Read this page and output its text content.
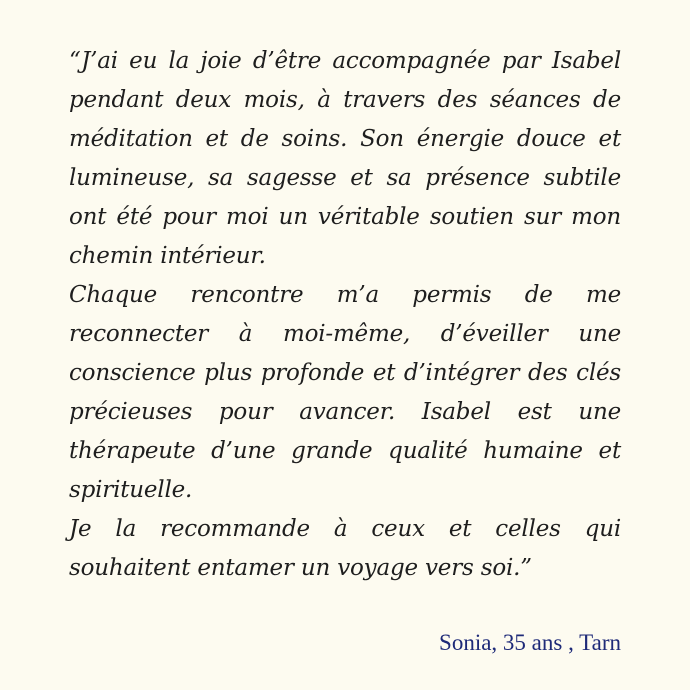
“J’ai eu la joie d’être accompagnée par Isabel pendant deux mois, à travers des séances de méditation et de soins. Son énergie douce et lumineuse, sa sagesse et sa présence subtile ont été pour moi un véritable soutien sur mon chemin intérieur.

Chaque rencontre m’a permis de me reconnecter à moi-même, d’éveiller une conscience plus profonde et d’intégrer des clés précieuses pour avancer. Isabel est une thérapeute d’une grande qualité humaine et spirituelle.

Je la recommande à ceux et celles qui souhaitent entamer un voyage vers soi.”

Sonia, 35 ans , Tarn
